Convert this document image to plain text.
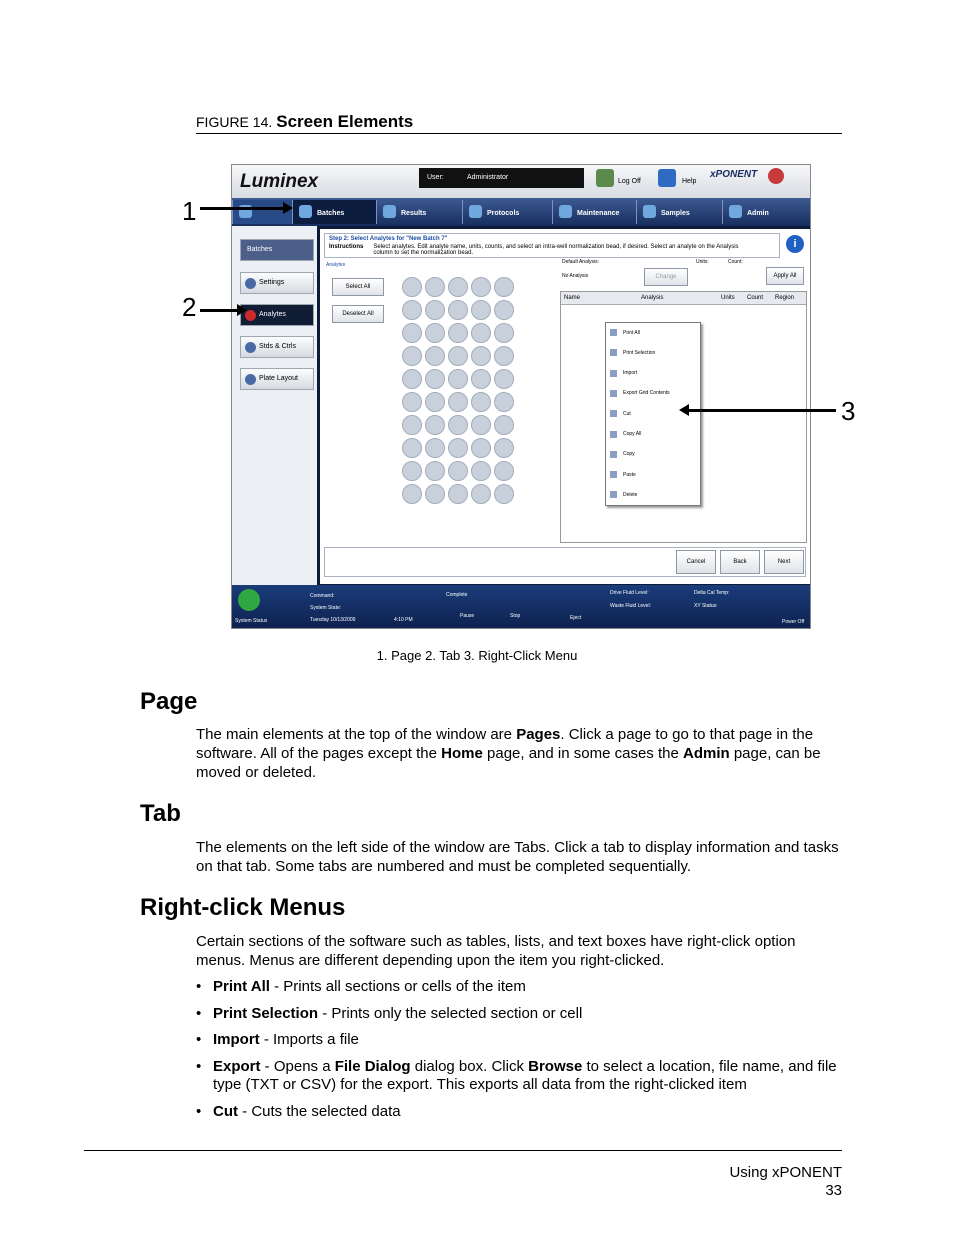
FIGURE 14. Screen Elements
Luminex	User:	Administrator
Log Off	Help
xPONENT
Batches	Results	Protocols	Maintenance	Samples	Admin
Batches
Settings
Analytes
Stds & Ctrls
Plate Layout
Step 2: Select Analytes for "New Batch 7"
Instructions Select analytes. Edit analyte name, units, counts, and select an intra-well normalization bead, if desired. Select an analyte on the Analysis column to set the normalization bead.
i
Analytes
Select All
Deselect All
Default Analysis:
No Analysis
Units:	Count:
Change	Apply All
Name	Analysis	Units Count Region
Print All
Print Selection
Import
Export Grid Contents
Cut
Copy All
Copy
Paste
Delete
Cancel	Back	Next
System Status
Command:
System State:
Tuesday 10/13/2009	4:10 PM
Complete
Pause	Stop	Eject
Drive Fluid Level:
Waste Fluid Level:
Delta Cal Temp:
XY Status:
Power Off
1
2
3
1. Page 2. Tab 3. Right-Click Menu
Page
The main elements at the top of the window are Pages. Click a page to go to that page in the software. All of the pages except the Home page, and in some cases the Admin page, can be moved or deleted.
Tab
The elements on the left side of the window are Tabs. Click a tab to display information and tasks on that tab. Some tabs are numbered and must be completed sequentially.
Right-click Menus
Certain sections of the software such as tables, lists, and text boxes have right-click option menus. Menus are different depending upon the item you right-clicked.
• Print All - Prints all sections or cells of the item
• Print Selection - Prints only the selected section or cell
• Import - Imports a file
• Export - Opens a File Dialog dialog box. Click Browse to select a location, file name, and file type (TXT or CSV) for the export. This exports all data from the right-clicked item
• Cut - Cuts the selected data
Using xPONENT
33
